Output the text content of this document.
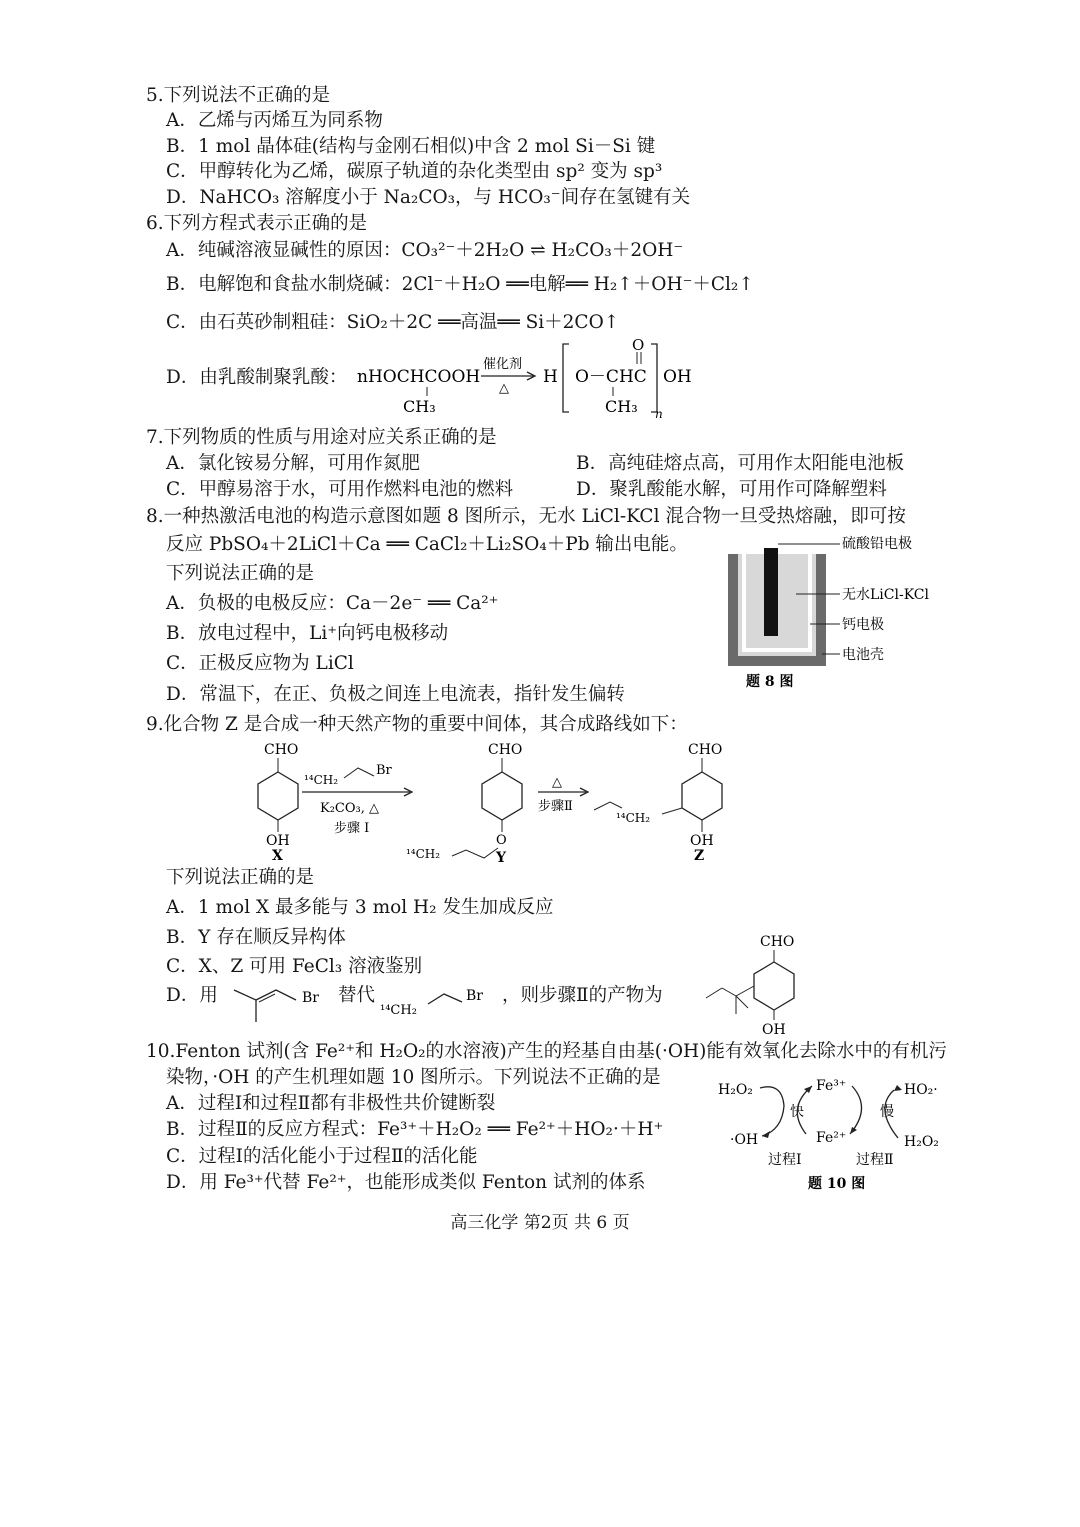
5.下列说法不正确的是
A．乙烯与丙烯互为同系物
B．1 mol 晶体硅(结构与金刚石相似)中含 2 mol Si－Si 键
C．甲醇转化为乙烯，碳原子轨道的杂化类型由 sp² 变为 sp³
D．NaHCO₃ 溶解度小于 Na₂CO₃，与 HCO₃⁻间存在氢键有关
6.下列方程式表示正确的是
A．纯碱溶液显碱性的原因：CO₃²⁻＋2H₂O ⇌ H₂CO₃＋2OH⁻
B．电解饱和食盐水制烧碱：2Cl⁻＋H₂O ══电解══ H₂↑＋OH⁻＋Cl₂↑
C．由石英砂制粗硅：SiO₂＋2C ══高温══ Si＋2CO↑
D．由乳酸制聚乳酸： nHOCHCOOH
CH₃
催化剂
△
H O－CHC
O
CH₃
OH
n
7.下列物质的性质与用途对应关系正确的是
A．氯化铵易分解，可用作氮肥	B．高纯硅熔点高，可用作太阳能电池板
C．甲醇易溶于水，可用作燃料电池的燃料	D．聚乳酸能水解，可用作可降解塑料
8.一种热激活电池的构造示意图如题 8 图所示，无水 LiCl-KCl 混合物一旦受热熔融，即可按
反应 PbSO₄＋2LiCl＋Ca ══ CaCl₂＋Li₂SO₄＋Pb 输出电能。
下列说法正确的是
A．负极的电极反应：Ca－2e⁻ ══ Ca²⁺
B．放电过程中，Li⁺向钙电极移动
C．正极反应物为 LiCl
D．常温下，在正、负极之间连上电流表，指针发生偏转
硫酸铅电极
无水LiCl-KCl
钙电极
电池壳
题 8 图
9.化合物 Z 是合成一种天然产物的重要中间体，其合成路线如下：
CHO
OH
X
¹⁴CH₂
Br
K₂CO₃, △
步骤 Ⅰ
CHO
O
¹⁴CH₂	Y
△
步骤Ⅱ
CHO
OH
Z
¹⁴CH₂
下列说法正确的是
A．1 mol X 最多能与 3 mol H₂ 发生加成反应
B．Y 存在顺反异构体
C．X、Z 可用 FeCl₃ 溶液鉴别
D．用	Br 替代
¹⁴CH₂
Br ，则步骤Ⅱ的产物为
CHO
OH
10.Fenton 试剂(含 Fe²⁺和 H₂O₂的水溶液)产生的羟基自由基(·OH)能有效氧化去除水中的有机污
染物，·OH 的产生机理如题 10 图所示。下列说法不正确的是
A．过程Ⅰ和过程Ⅱ都有非极性共价键断裂
B．过程Ⅱ的反应方程式：Fe³⁺＋H₂O₂ ══ Fe²⁺＋HO₂·＋H⁺
C．过程Ⅰ的活化能小于过程Ⅱ的活化能
D．用 Fe³⁺代替 Fe²⁺，也能形成类似 Fenton 试剂的体系
H₂O₂	Fe³⁺	HO₂·
快	慢
·OH	Fe²⁺	H₂O₂
过程Ⅰ	过程Ⅱ
题 10 图
高三化学 第2页 共 6 页
